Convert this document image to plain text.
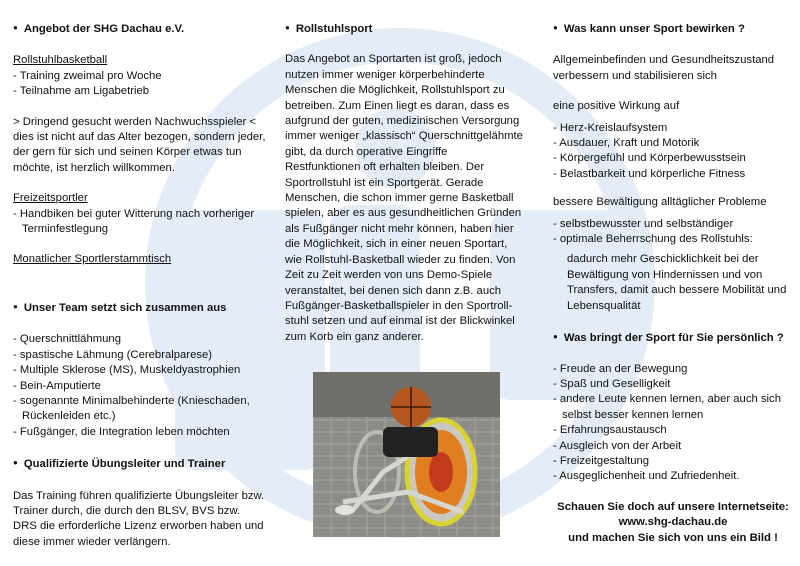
● Angebot der SHG Dachau e.V.

Rollstuhlbasketball

- Training zweimal pro Woche
- Teilnahme am Ligabetrieb

> Dringend gesucht werden Nachwuchsspieler < dies ist nicht auf das Alter bezogen, sondern jeder, der gern für sich und seinen Körper etwas tun möchte, ist herzlich willkommen.

Freizeitsportler

- Handbiken bei guter Witterung nach vorheriger Terminfestlegung

Monatlicher Sportlerstammtisch

● Unser Team setzt sich zusammen aus

- Querschnittlähmung
- spastische Lähmung (Cerebralparese)
- Multiple Sklerose (MS), Muskeldyastrophien
- Bein-Amputierte
- sogenannte Minimalbehinderte (Knieschaden, Rückenleiden etc.)
- Fußgänger, die Integration leben möchten

● Qualifizierte Übungsleiter und Trainer

Das Training führen qualifizierte Übungsleiter bzw. Trainer durch, die durch den BLSV, BVS bzw. DRS die erforderliche Lizenz erworben haben und diese immer wieder verlängern.

● Rollstuhlsport

Das Angebot an Sportarten ist groß, jedoch nutzen immer weniger körperbehinderte Menschen die Möglichkeit, Rollstuhlsport zu betreiben. Zum Einen liegt es daran, dass es aufgrund der guten, medizinischen Versorgung immer weniger „klassisch“ Querschnittgelähmte gibt, da durch operative Eingriffe Restfunktionen oft erhalten bleiben. Der Sportrollstuhl ist ein Sportgerät. Gerade Menschen, die schon immer gerne Basketball spielen, aber es aus gesundheitlichen Gründen als Fußgänger nicht mehr können, haben hier die Möglichkeit, sich in einer neuen Sportart, wie Rollstuhl-Basketball wieder zu finden. Von Zeit zu Zeit werden von uns Demo-Spiele veranstaltet, bei denen sich dann z.B. auch Fußgänger-Basketballspieler in den Sportroll-stuhl setzen und auf einmal ist der Blickwinkel zum Korb ein ganz anderer.

● Was kann unser Sport bewirken ?

Allgemeinbefinden und Gesundheitszustand verbessern und stabilisieren sich

eine positive Wirkung auf

- Herz-Kreislaufsystem
- Ausdauer, Kraft und Motorik
- Körpergefühl und Körperbewusstsein
- Belastbarkeit und körperliche Fitness

bessere Bewältigung alltäglicher Probleme

- selbstbewusster und selbständiger
- optimale Beherrschung des Rollstuhls:

dadurch mehr Geschicklichkeit bei der Bewältigung von Hindernissen und von Transfers, damit auch bessere Mobilität und Lebensqualität

● Was bringt der Sport für Sie persönlich ?

- Freude an der Bewegung
- Spaß und Geselligkeit
- andere Leute kennen lernen, aber auch sich selbst besser kennen lernen
- Erfahrungsaustausch
- Ausgleich von der Arbeit
- Freizeitgestaltung
- Ausgeglichenheit und Zufriedenheit.

Schauen Sie doch auf unsere Internetseite:

www.shg-dachau.de

und machen Sie sich von uns ein Bild !
